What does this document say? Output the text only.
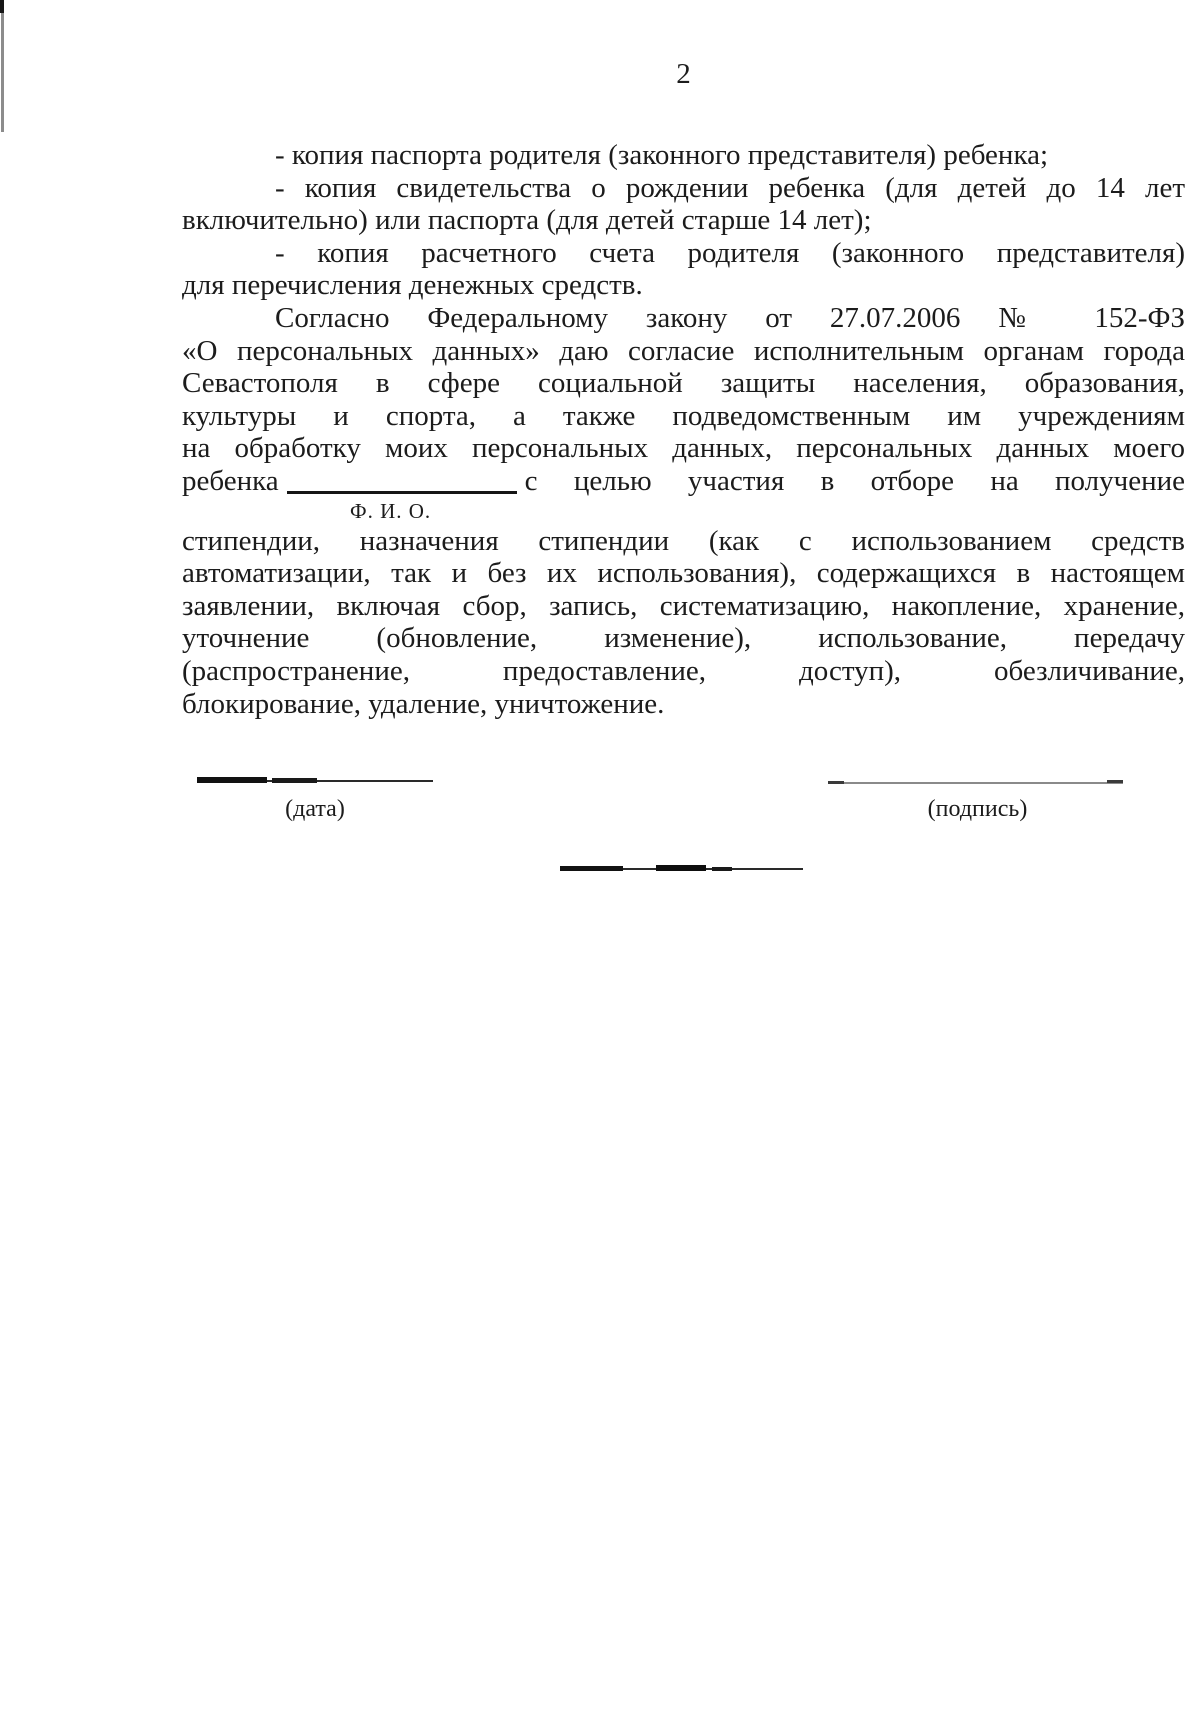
2
- копия паспорта родителя (законного представителя) ребенка;
- копия свидетельства о рождении ребенка (для детей до 14 лет
включительно) или паспорта (для детей старше 14 лет);
- копия расчетного счета родителя (законного представителя)
для перечисления денежных средств.
Согласно Федеральному закону от 27.07.2006 № 152-ФЗ
«О персональных данных» даю согласие исполнительным органам города
Севастополя в сфере социальной защиты населения, образования,
культуры и спорта, а также подведомственным им учреждениям
на обработку моих персональных данных, персональных данных моего
ребенка	с целью участия в отборе на получение
Ф. И. О.
стипендии, назначения стипендии (как с использованием средств
автоматизации, так и без их использования), содержащихся в настоящем
заявлении, включая сбор, запись, систематизацию, накопление, хранение,
уточнение (обновление, изменение), использование, передачу
(распространение, предоставление, доступ), обезличивание,
блокирование, удаление, уничтожение.
(дата)	(подпись)
